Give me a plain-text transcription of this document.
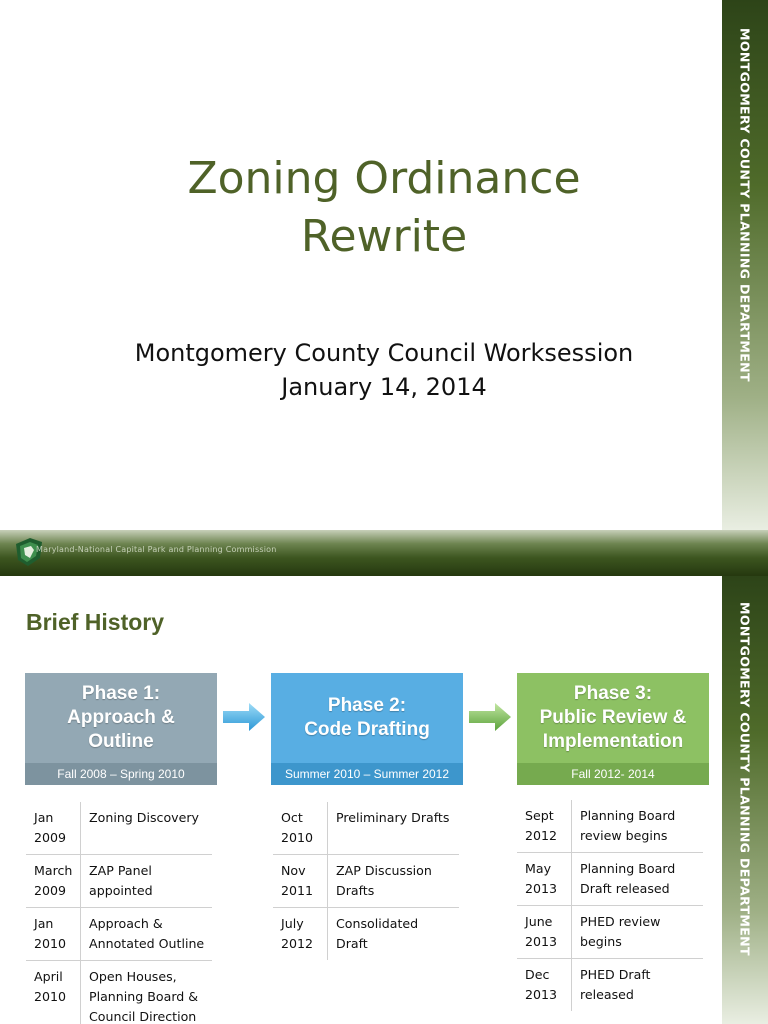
Zoning Ordinance
Rewrite
Montgomery County Council Worksession
January 14, 2014
MONTGOMERY COUNTY PLANNING DEPARTMENT
Maryland-National Capital Park and Planning Commission
Brief History	MONTGOMERY COUNTY PLANNING DEPARTMENT
Phase 1:
Approach &
Outline
Fall 2008 – Spring 2010
Phase 2:
Code Drafting
Summer 2010 – Summer 2012
Phase 3:
Public Review &
Implementation
Fall 2012- 2014
Jan
2009	Zoning Discovery

March
2009	ZAP Panel appointed

Jan
2010	Approach & Annotated Outline

April
2010	Open Houses, Planning Board & Council Direction
Oct
2010	Preliminary Drafts

Nov
2011	ZAP Discussion Drafts

July
2012	Consolidated Draft
Sept
2012	Planning Board review begins

May
2013	Planning Board Draft released

June
2013	PHED review begins

Dec
2013	PHED Draft released
